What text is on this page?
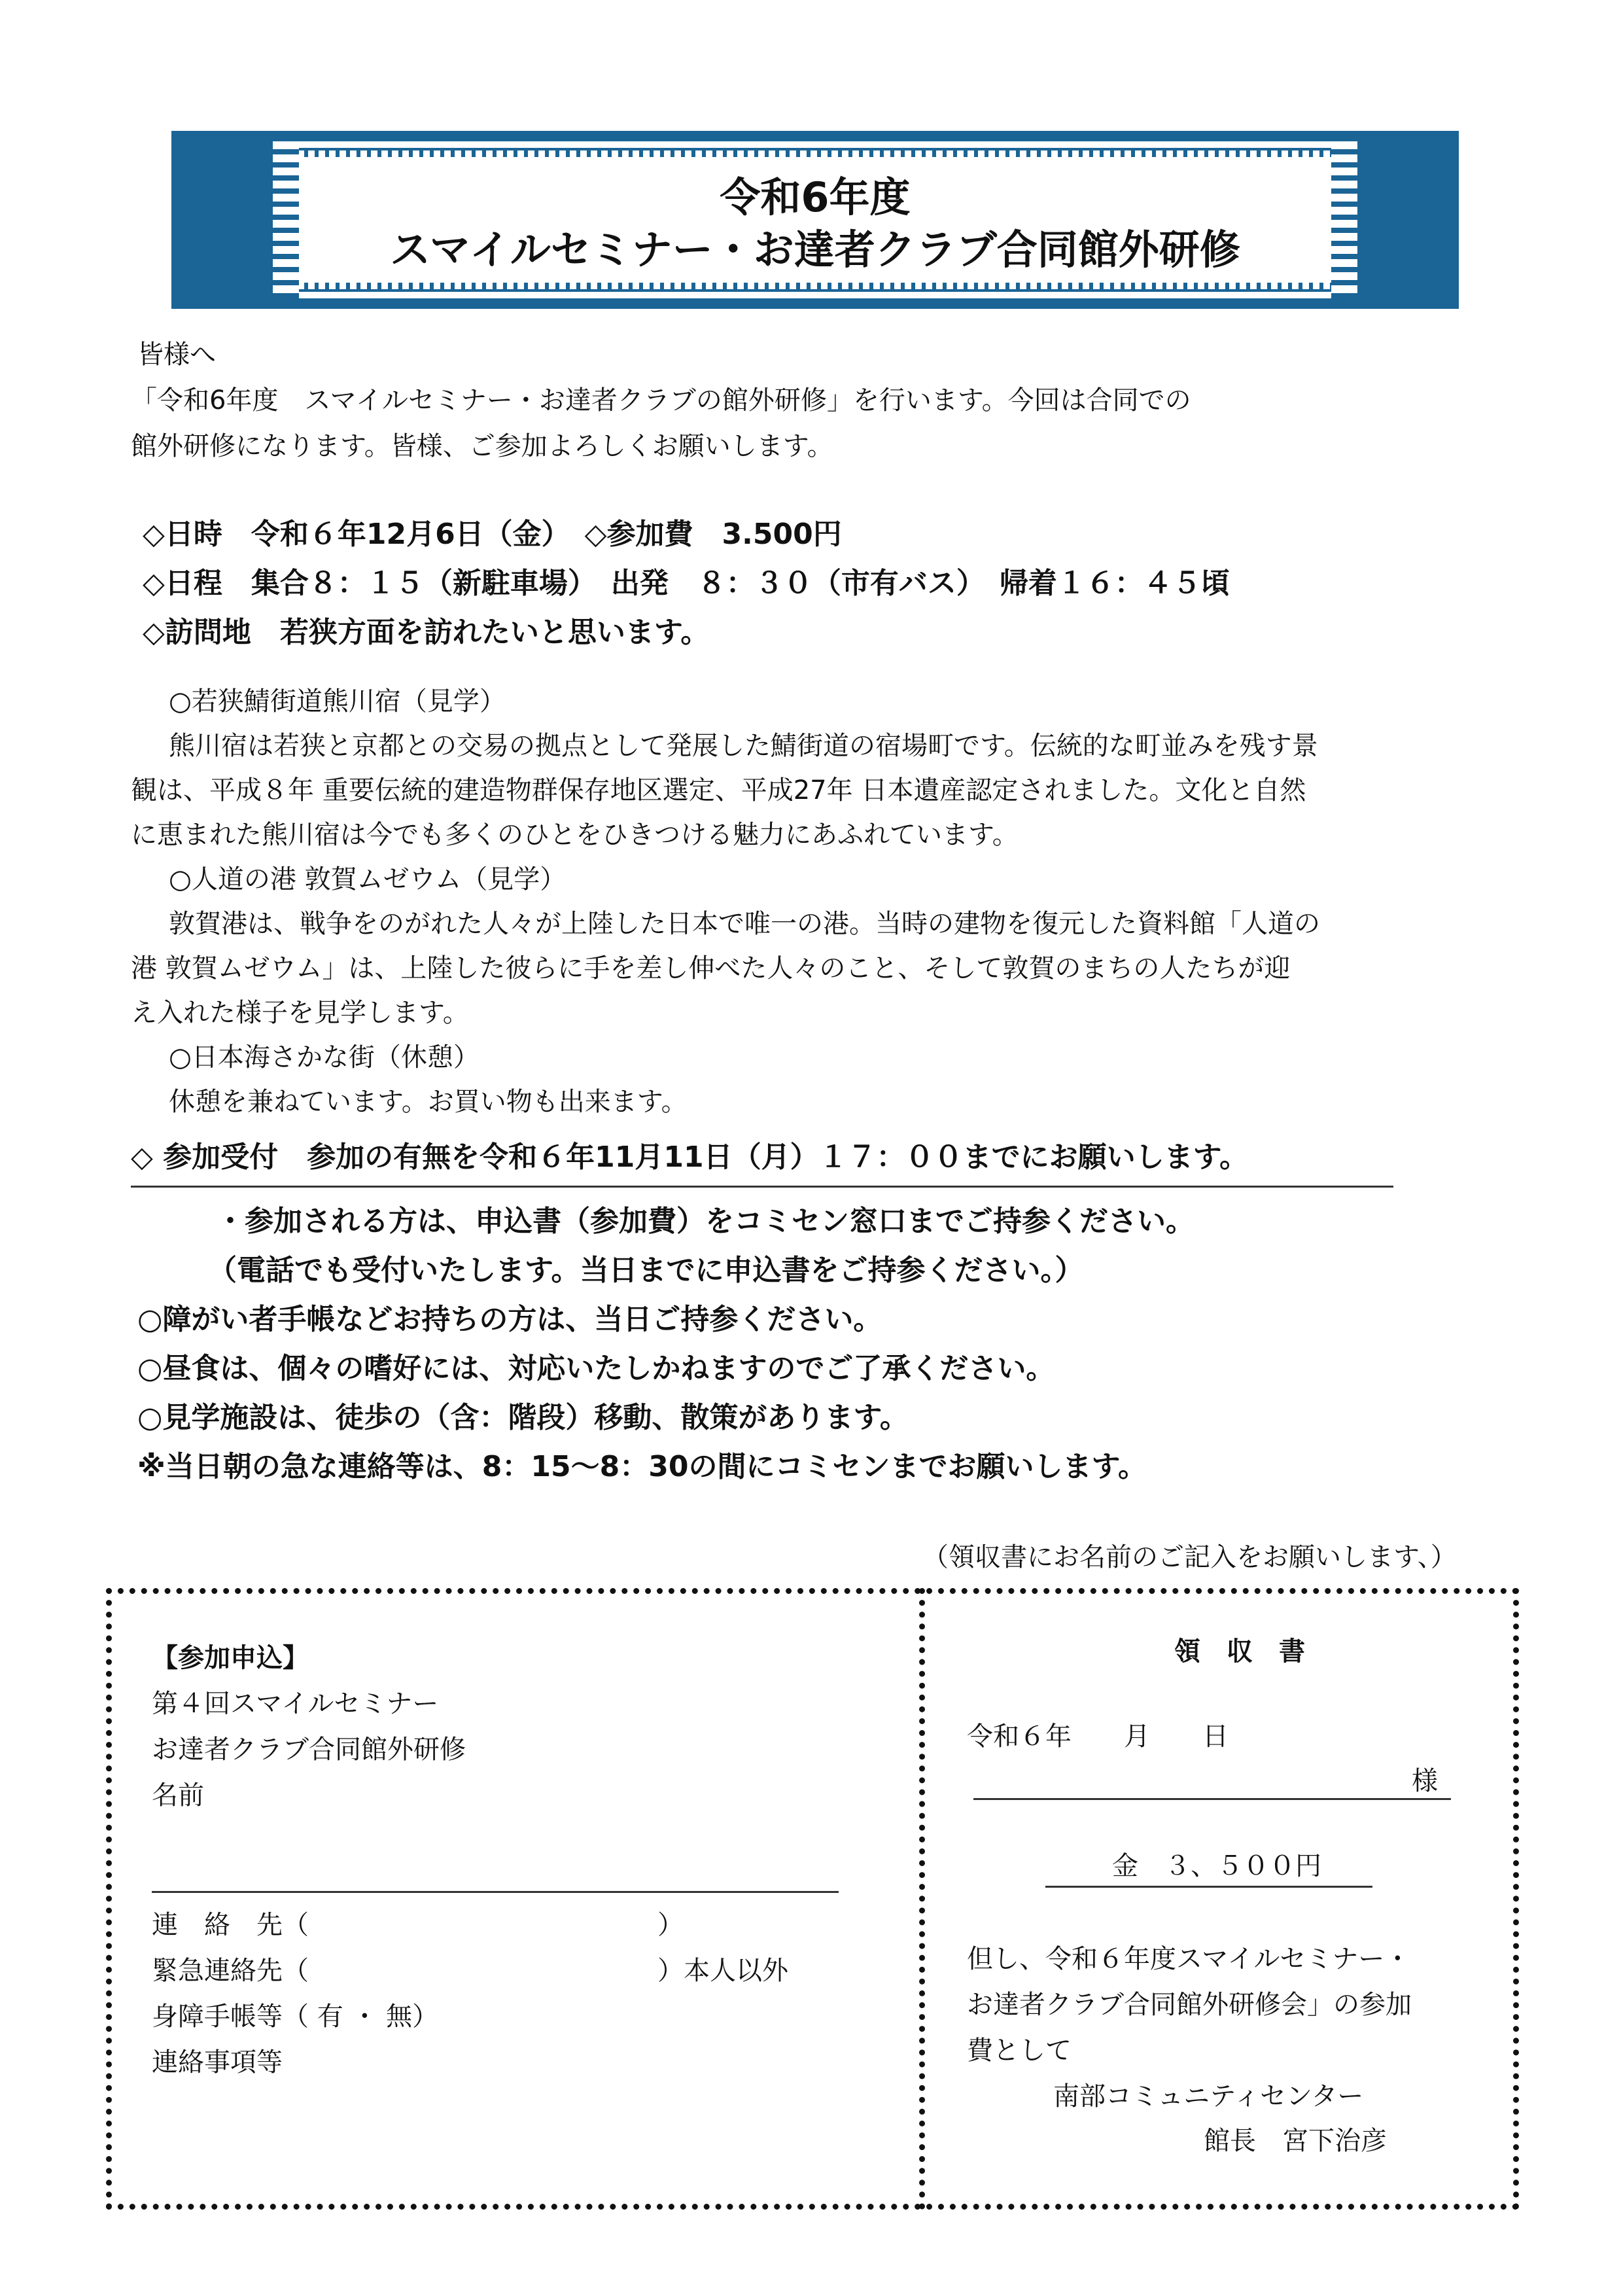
令和6年度
スマイルセミナー・お達者クラブ合同館外研修
皆様へ
「令和6年度　スマイルセミナー・お達者クラブの館外研修」を行います。今回は合同での
館外研修になります。皆様、ご参加よろしくお願いします。
◇日時　令和６年12月6日（金）　◇参加費　3.500円
◇日程　集合８：１５（新駐車場）　出発　８：３０（市有バス）　帰着１６：４５頃
◇訪問地　若狭方面を訪れたいと思います。
○若狭鯖街道熊川宿（見学）
熊川宿は若狭と京都との交易の拠点として発展した鯖街道の宿場町です。伝統的な町並みを残す景
観は、平成８年 重要伝統的建造物群保存地区選定、平成27年 日本遺産認定されました。文化と自然
に恵まれた熊川宿は今でも多くのひとをひきつける魅力にあふれています。
○人道の港 敦賀ムゼウム（見学）
敦賀港は、戦争をのがれた人々が上陸した日本で唯一の港。当時の建物を復元した資料館「人道の
港 敦賀ムゼウム」は、上陸した彼らに手を差し伸べた人々のこと、そして敦賀のまちの人たちが迎
え入れた様子を見学します。
○日本海さかな街（休憩）
休憩を兼ねています。お買い物も出来ます。
◇ 参加受付　参加の有無を令和６年11月11日（月）１７：００までにお願いします。
・参加される方は、申込書（参加費）をコミセン窓口までご持参ください。
（電話でも受付いたします。当日までに申込書をご持参ください。）
○障がい者手帳などお持ちの方は、当日ご持参ください。
○昼食は、個々の嗜好には、対応いたしかねますのでご了承ください。
○見学施設は、徒歩の（含：階段）移動、散策があります。
※当日朝の急な連絡等は、8：15～8：30の間にコミセンまでお願いします。
（領収書にお名前のご記入をお願いします、）
【参加申込】
第４回スマイルセミナー
お達者クラブ合同館外研修
名前
連　絡　先（	）
緊急連絡先（	）本人以外
身障手帳等（ 有 ・ 無）
連絡事項等
領　収　書
令和６年　　月　　日
様
金　３、５００円
但し、令和６年度スマイルセミナー・
お達者クラブ合同館外研修会」の参加
費として
南部コミュニティセンター
館長　宮下治彦
